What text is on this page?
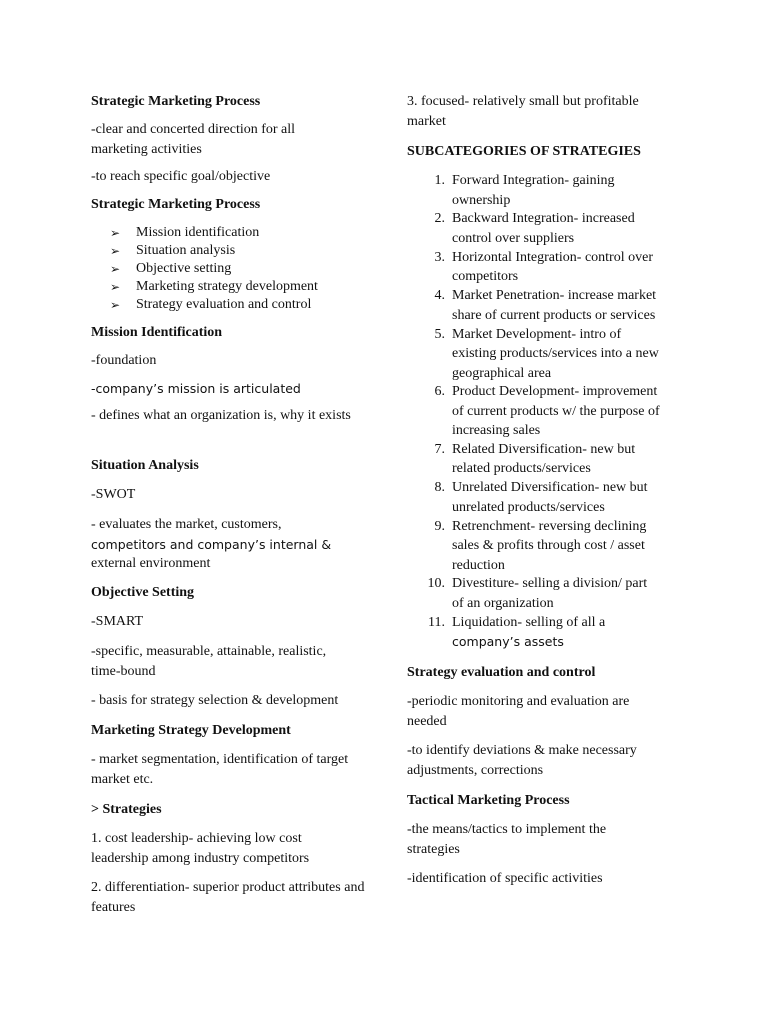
Strategic Marketing Process

-clear and concerted direction for all marketing activities

-to reach specific goal/objective

Strategic Marketing Process

➢ Mission identification
➢ Situation analysis
➢ Objective setting
➢ Marketing strategy development
➢ Strategy evaluation and control

Mission Identification

-foundation

-company’s mission is articulated

- defines what an organization is, why it exists

Situation Analysis

-SWOT

- evaluates the market, customers,

competitors and company’s internal &

external environment

Objective Setting

-SMART

-specific, measurable, attainable, realistic, time-bound

- basis for strategy selection & development

Marketing Strategy Development

- market segmentation, identification of target market etc.

> Strategies

1. cost leadership- achieving low cost leadership among industry competitors

2. differentiation- superior product attributes and features

3. focused- relatively small but profitable market

SUBCATEGORIES OF STRATEGIES

1. Forward Integration- gaining
ownership
2. Backward Integration- increased
control over suppliers
3. Horizontal Integration- control over
competitors
4. Market Penetration- increase market
share of current products or services
5. Market Development- intro of
existing products/services into a new
geographical area
6. Product Development- improvement
of current products w/ the purpose of
increasing sales
7. Related Diversification- new but
related products/services
8. Unrelated Diversification- new but
unrelated products/services
9. Retrenchment- reversing declining
sales & profits through cost / asset
reduction
10. Divestiture- selling a division/ part
of an organization
11. Liquidation- selling of all a
company’s assets

Strategy evaluation and control

-periodic monitoring and evaluation are needed

-to identify deviations & make necessary adjustments, corrections

Tactical Marketing Process

-the means/tactics to implement the strategies

-identification of specific activities
